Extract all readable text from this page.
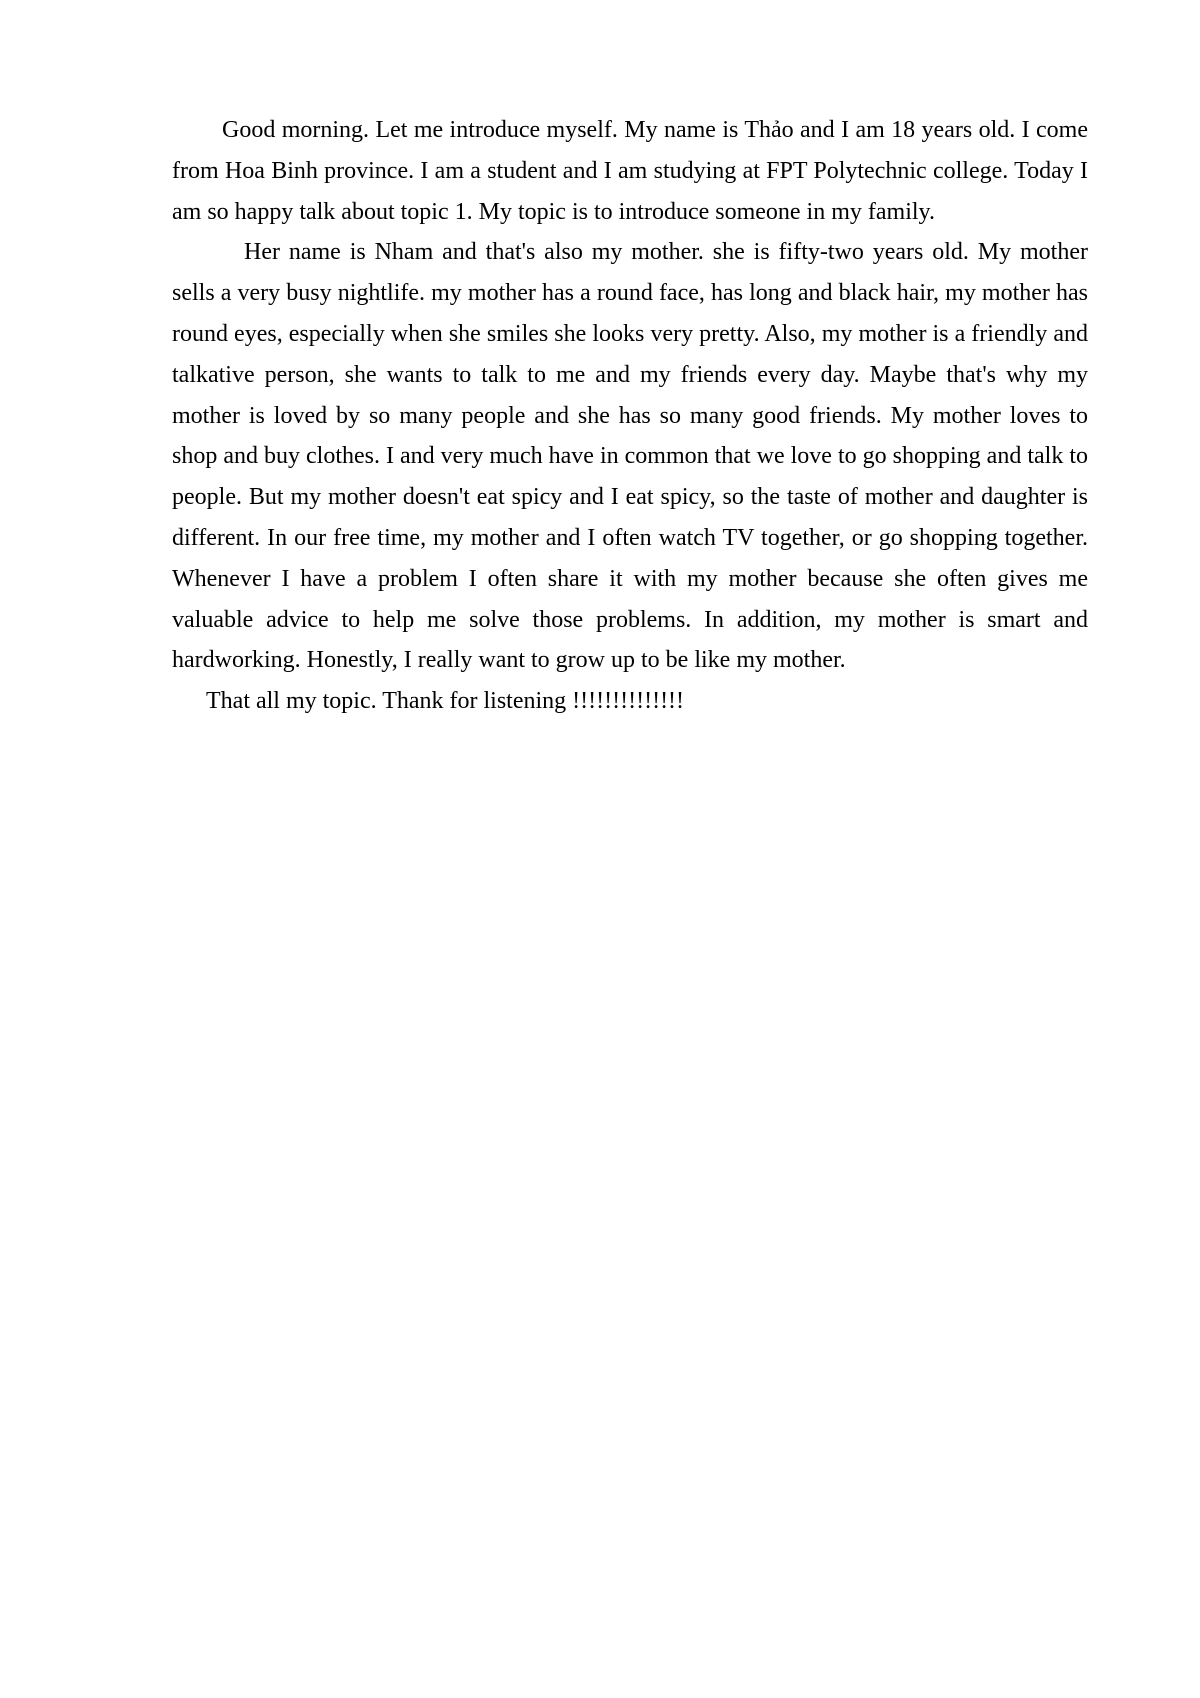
Good morning. Let me introduce myself. My name is Thảo and I am 18 years old. I come from Hoa Binh province. I am a student and I am studying at FPT Polytechnic college. Today I am so happy talk about topic 1. My topic is to introduce someone in my family.

Her name is Nham and that's also my mother. she is fifty-two years old. My mother sells a very busy nightlife. my mother has a round face, has long and black hair, my mother has round eyes, especially when she smiles she looks very pretty. Also, my mother is a friendly and talkative person, she wants to talk to me and my friends every day. Maybe that's why my mother is loved by so many people and she has so many good friends. My mother loves to shop and buy clothes. I and very much have in common that we love to go shopping and talk to people. But my mother doesn't eat spicy and I eat spicy, so the taste of mother and daughter is different. In our free time, my mother and I often watch TV together, or go shopping together. Whenever I have a problem I often share it with my mother because she often gives me valuable advice to help me solve those problems. In addition, my mother is smart and hardworking. Honestly, I really want to grow up to be like my mother.

That all my topic. Thank for listening !!!!!!!!!!!!!!
